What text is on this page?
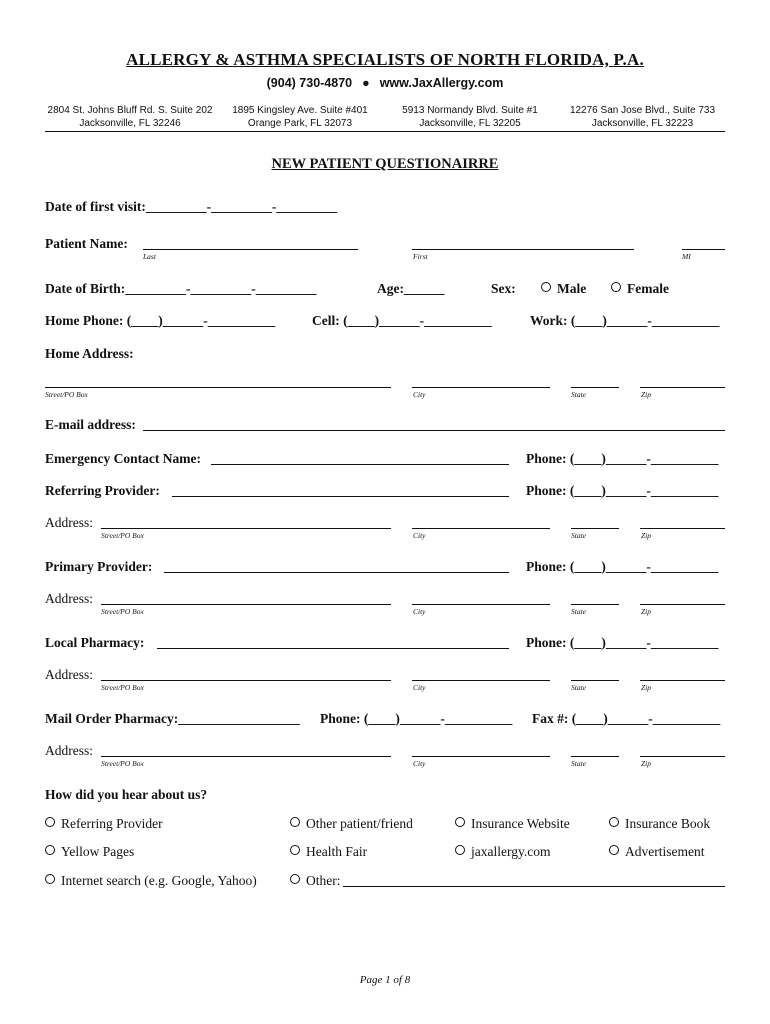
ALLERGY & ASTHMA SPECIALISTS OF NORTH FLORIDA, P.A.
(904) 730-4870 ● www.JaxAllergy.com
2804 St. Johns Bluff Rd. S. Suite 202
Jacksonville, FL 32246
1895 Kingsley Ave. Suite #401
Orange Park, FL 32073
5913 Normandy Blvd. Suite #1
Jacksonville, FL 32205
12276 San Jose Blvd., Suite 733
Jacksonville, FL 32223
NEW PATIENT QUESTIONAIRRE
Date of first visit:_________-_________-_________
Patient Name:
Last	First	MI
Date of Birth:_________-_________-_________	Age:______	Sex:	Male	Female
Home Phone: (____)______-__________	Cell: (____)______-__________	Work: (____)______-__________
Home Address:
Street/PO Box	City	State	Zip
E-mail address:
Emergency Contact Name:	Phone: (____)______-__________
Referring Provider:	Phone: (____)______-__________
Address:
Street/PO Box	City	State	Zip
Primary Provider:	Phone: (____)______-__________
Address:
Street/PO Box	City	State	Zip
Local Pharmacy:	Phone: (____)______-__________
Address:
Street/PO Box	City	State	Zip
Mail Order Pharmacy:__________________ Phone: (____)______-__________ Fax #: (____)______-__________
Address:
Street/PO Box	City	State	Zip
How did you hear about us?
Referring Provider	Other patient/friend	Insurance Website	Insurance Book
Yellow Pages	Health Fair	jaxallergy.com	Advertisement
Internet search (e.g. Google, Yahoo)	Other:
Page 1 of 8
